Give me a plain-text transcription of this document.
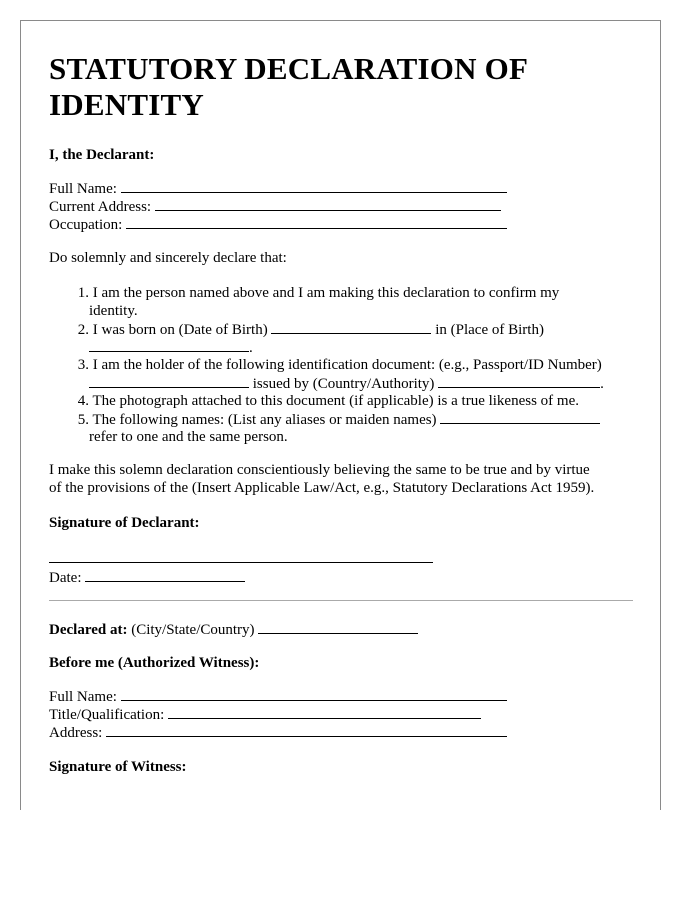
STATUTORY DECLARATION OF IDENTITY
I, the Declarant:
Full Name:
Current Address:
Occupation:
Do solemnly and sincerely declare that:
1. I am the person named above and I am making this declaration to confirm my
identity.
2. I was born on (Date of Birth)	in (Place of Birth)
.
3. I am the holder of the following identification document: (e.g., Passport/ID Number)
issued by (Country/Authority)	.
4. The photograph attached to this document (if applicable) is a true likeness of me.
5. The following names: (List any aliases or maiden names)
refer to one and the same person.
I make this solemn declaration conscientiously believing the same to be true and by virtue
of the provisions of the (Insert Applicable Law/Act, e.g., Statutory Declarations Act 1959).
Signature of Declarant:
Date:
Declared at: (City/State/Country)
Before me (Authorized Witness):
Full Name:
Title/Qualification:
Address:
Signature of Witness:
